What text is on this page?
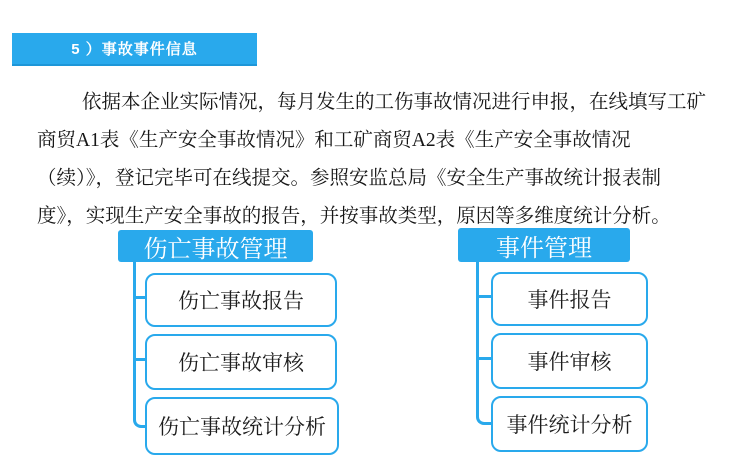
5 ）事故事件信息
依据本企业实际情况，每月发生的工伤事故情况进行申报，在线填写工矿
商贸A1表《生产安全事故情况》和工矿商贸A2表《生产安全事故情况
（续）》，登记完毕可在线提交。参照安监总局《安全生产事故统计报表制
度》，实现生产安全事故的报告，并按事故类型，原因等多维度统计分析。
伤亡事故管理
伤亡事故报告
伤亡事故审核
伤亡事故统计分析
事件管理
事件报告
事件审核
事件统计分析
